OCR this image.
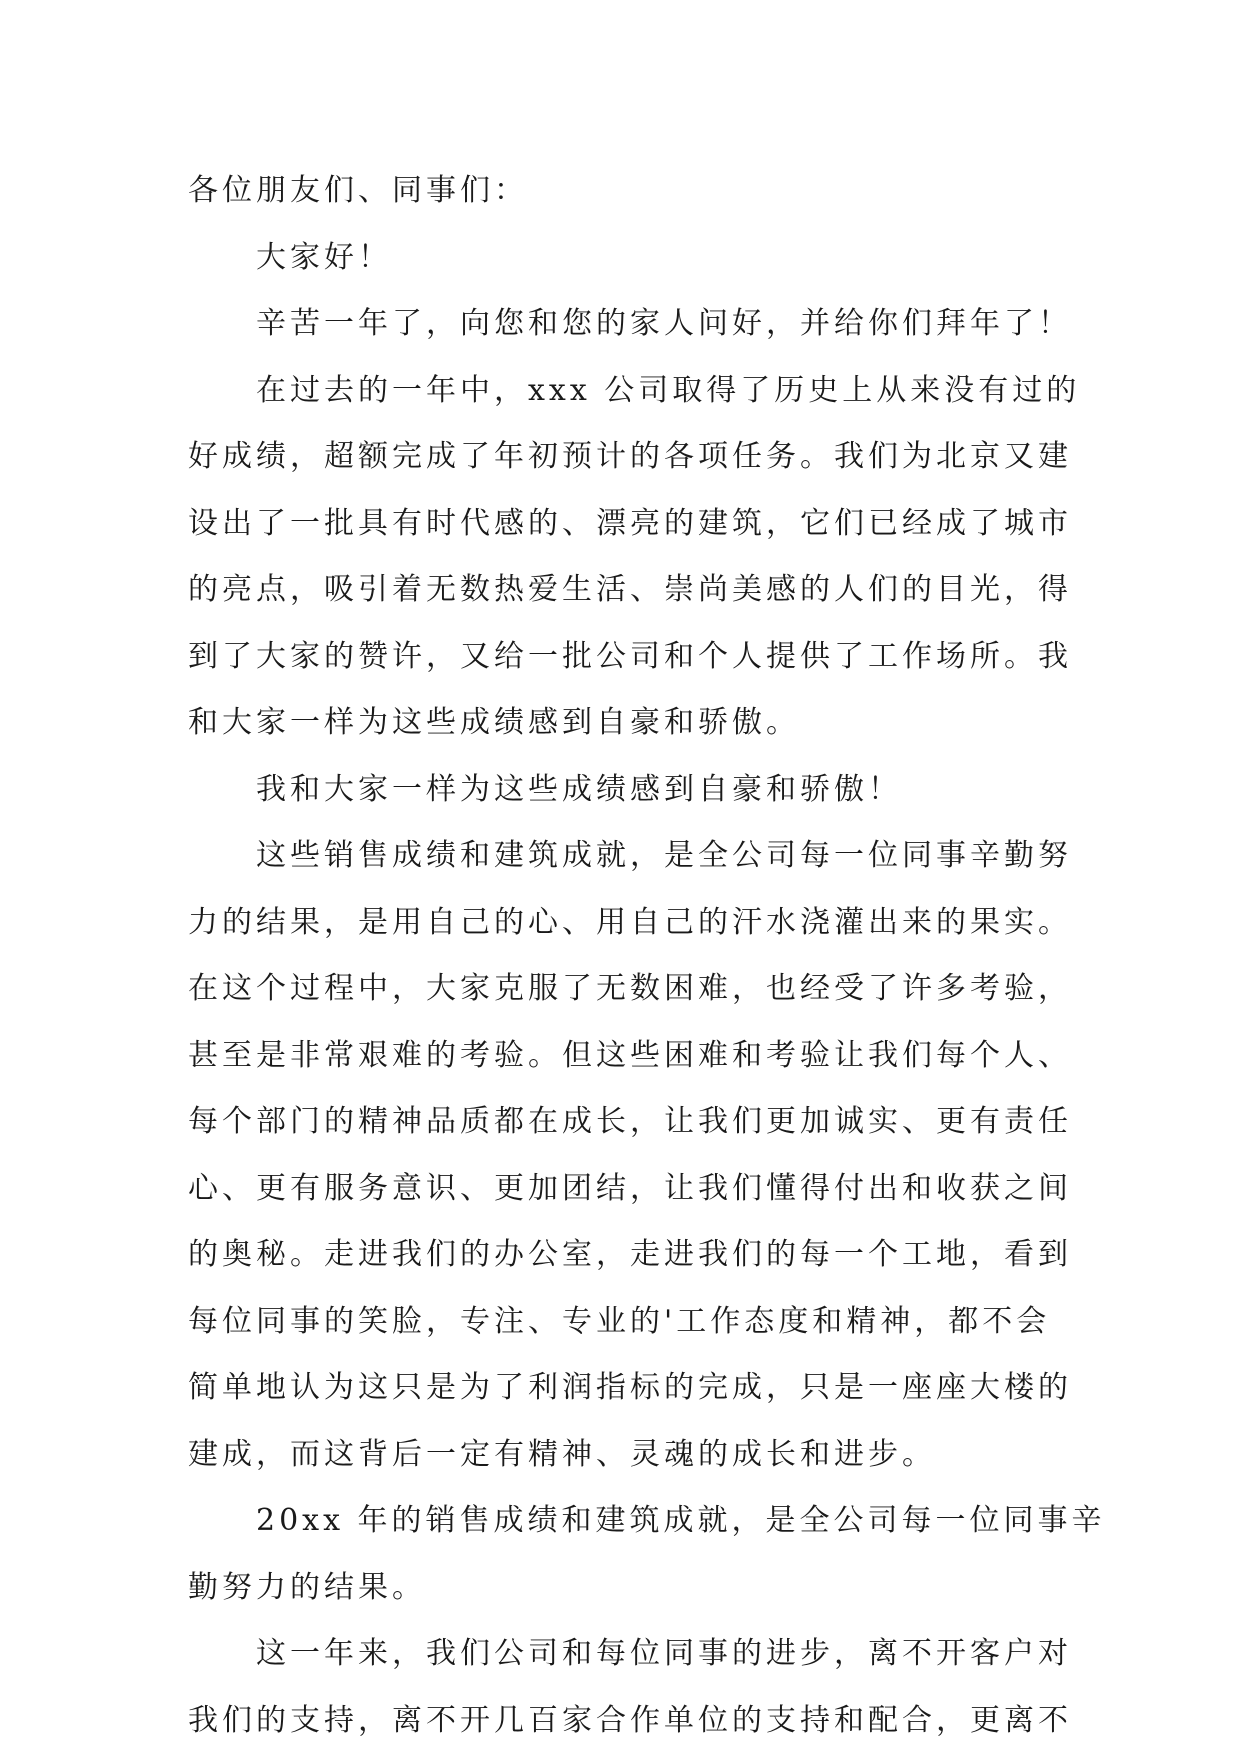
各位朋友们、同事们：
大家好！
辛苦一年了，向您和您的家人问好，并给你们拜年了！
在过去的一年中，xxx 公司取得了历史上从来没有过的
好成绩，超额完成了年初预计的各项任务。我们为北京又建
设出了一批具有时代感的、漂亮的建筑，它们已经成了城市
的亮点，吸引着无数热爱生活、崇尚美感的人们的目光，得
到了大家的赞许，又给一批公司和个人提供了工作场所。我
和大家一样为这些成绩感到自豪和骄傲。
我和大家一样为这些成绩感到自豪和骄傲！
这些销售成绩和建筑成就，是全公司每一位同事辛勤努
力的结果，是用自己的心、用自己的汗水浇灌出来的果实。
在这个过程中，大家克服了无数困难，也经受了许多考验，
甚至是非常艰难的考验。但这些困难和考验让我们每个人、
每个部门的精神品质都在成长，让我们更加诚实、更有责任
心、更有服务意识、更加团结，让我们懂得付出和收获之间
的奥秘。走进我们的办公室，走进我们的每一个工地，看到
每位同事的笑脸，专注、专业的'工作态度和精神，都不会
简单地认为这只是为了利润指标的完成，只是一座座大楼的
建成，而这背后一定有精神、灵魂的成长和进步。
20xx 年的销售成绩和建筑成就，是全公司每一位同事辛
勤努力的结果。
这一年来，我们公司和每位同事的进步，离不开客户对
我们的支持，离不开几百家合作单位的支持和配合，更离不
